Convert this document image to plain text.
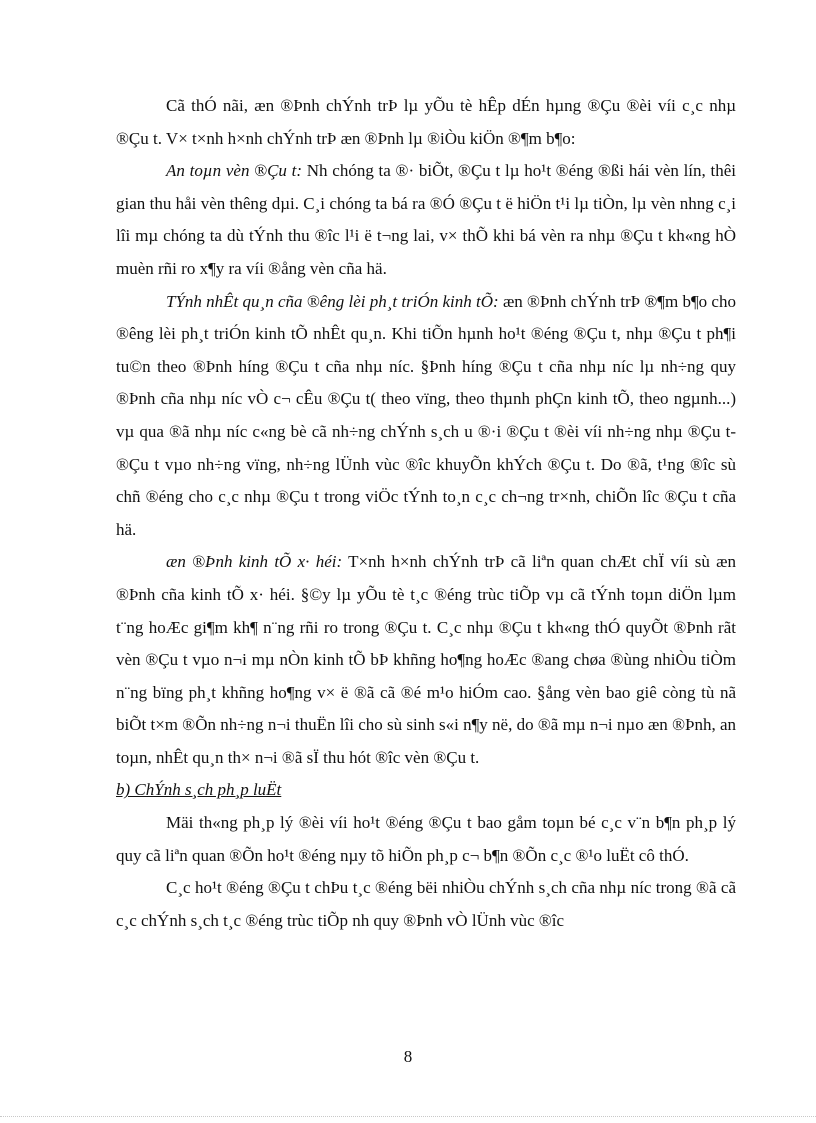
Cã thÓ nãi, æn ®Þnh chÝnh trÞ lµ yÕu tè hÊp dÉn hµng ®Çu ®èi víi c¸c nhµ ®Çu t. V× t×nh h×nh chÝnh trÞ æn ®Þnh lµ ®iÒu kiÖn ®¶m b¶o:

An toµn vèn ®Çu t: Nh chóng ta ®· biÕt, ®Çu t lµ ho¹t ®éng ®ßi hái vèn lín, thêi gian thu håi vèn thêng dµi. C¸i chóng ta bá ra ®Ó ®Çu t ë hiÖn t¹i lµ tiÒn, lµ vèn nhng c¸i lîi mµ chóng ta dù tÝnh thu ®îc l¹i ë t¬ng lai, v× thÕ khi bá vèn ra nhµ ®Çu t kh«ng hÒ muèn rñi ro x¶y ra víi ®ång vèn cña hä.

TÝnh nhÊt qu¸n cña ®êng lèi ph¸t triÓn kinh tÕ: æn ®Þnh chÝnh trÞ ®¶m b¶o cho ®êng lèi ph¸t triÓn kinh tÕ nhÊt qu¸n. Khi tiÕn hµnh ho¹t ®éng ®Çu t, nhµ ®Çu t ph¶i tu©n theo ®Þnh híng ®Çu t cña nhµ níc. §Þnh híng ®Çu t cña nhµ níc lµ nh÷ng quy ®Þnh cña nhµ níc vÒ c¬ cÊu ®Çu t( theo vïng, theo thµnh phÇn kinh tÕ, theo ngµnh...) vµ qua ®ã nhµ níc c«ng bè cã nh÷ng chÝnh s¸ch u ®·i ®Çu t ®èi víi nh÷ng nhµ ®Çu t ®Çu t vµo nh÷ng vïng, nh÷ng lÜnh vùc ®îc khuyÕn khÝch ®Çu t. Do ®ã, t¹ng ®îc sù chñ ®éng cho c¸c nhµ ®Çu t trong viÖc tÝnh to¸n c¸c ch¬ng tr×nh, chiÕn lîc ®Çu t cña hä.

æn ®Þnh kinh tÕ x· héi: T×nh h×nh chÝnh trÞ cã liªn quan chÆt chÏ víi sù æn ®Þnh cña kinh tÕ x· héi. §©y lµ yÕu tè t¸c ®éng trùc tiÕp vµ cã tÝnh toµn diÖn lµm t¨ng hoÆc gi¶m kh¶ n¨ng rñi ro trong ®Çu t. C¸c nhµ ®Çu t kh«ng thÓ quyÕt ®Þnh rãt vèn ®Çu t vµo n¬i mµ nÒn kinh tÕ bÞ khñng ho¶ng hoÆc ®ang chøa ®ùng nhiÒu tiÒm n¨ng bïng ph¸t khñng ho¶ng v× ë ®ã cã ®é m¹o hiÓm cao. §ång vèn bao giê còng tù nã biÕt t×m ®Õn nh÷ng n¬i thuËn lîi cho sù sinh s«i n¶y në, do ®ã mµ n¬i nµo æn ®Þnh, an toµn, nhÊt qu¸n th× n¬i ®ã sÏ thu hót ®îc vèn ®Çu t.

b) ChÝnh s¸ch ph¸p luËt

Mäi th«ng ph¸p lý ®èi víi ho¹t ®éng ®Çu t bao gåm toµn bé c¸c v¨n b¶n ph¸p lý quy cã liªn quan ®Õn ho¹t ®éng nµy tõ hiÕn ph¸p c¬ b¶n ®Õn c¸c ®¹o luËt cô thÓ.

C¸c ho¹t ®éng ®Çu t chÞu t¸c ®éng bëi nhiÒu chÝnh s¸ch cña nhµ níc trong ®ã cã c¸c chÝnh s¸ch t¸c ®éng trùc tiÕp nh quy ®Þnh vÒ lÜnh vùc ®îc

8
